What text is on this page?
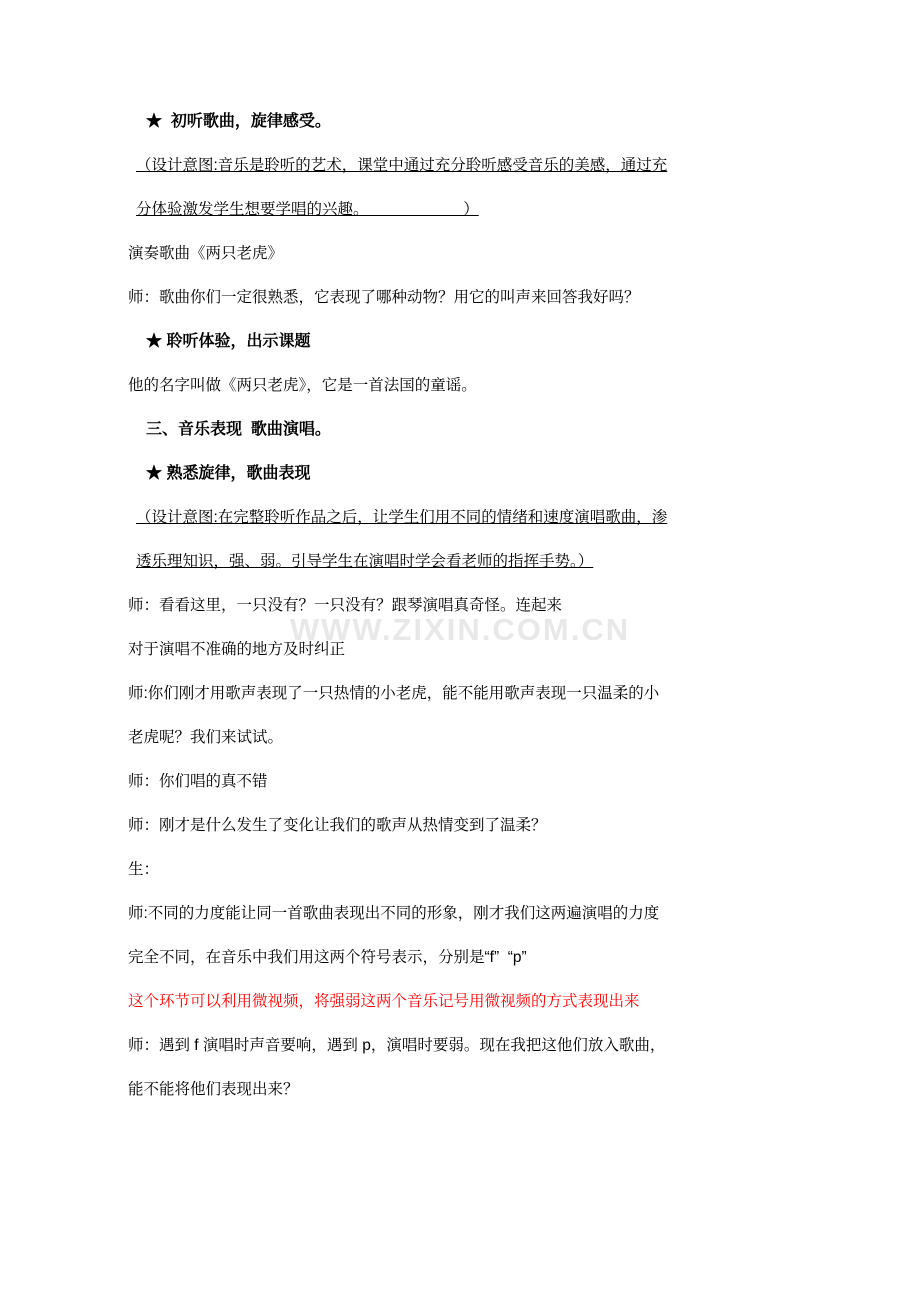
WWW.ZIXIN.COM.CN

★  初听歌曲，旋律感受。

（设计意图:音乐是聆听的艺术，课堂中通过充分聆听感受音乐的美感，通过充

分体验激发学生想要学唱的兴趣。                      ）

演奏歌曲《两只老虎》

师：歌曲你们一定很熟悉，它表现了哪种动物？用它的叫声来回答我好吗？

★ 聆听体验，出示课题

他的名字叫做《两只老虎》，它是一首法国的童谣。

三、音乐表现  歌曲演唱。

★ 熟悉旋律，歌曲表现

（设计意图:在完整聆听作品之后，让学生们用不同的情绪和速度演唱歌曲，渗

透乐理知识，强、弱。引导学生在演唱时学会看老师的指挥手势。）

师：看看这里，一只没有？一只没有？跟琴演唱真奇怪。连起来

对于演唱不准确的地方及时纠正

师:你们刚才用歌声表现了一只热情的小老虎，能不能用歌声表现一只温柔的小

老虎呢？我们来试试。

师：你们唱的真不错

师：刚才是什么发生了变化让我们的歌声从热情变到了温柔？

生：

师:不同的力度能让同一首歌曲表现出不同的形象，刚才我们这两遍演唱的力度

完全不同，在音乐中我们用这两个符号表示，分别是“f”  “p”

这个环节可以利用微视频，将强弱这两个音乐记号用微视频的方式表现出来

师：遇到 f 演唱时声音要响，遇到 p，演唱时要弱。现在我把这他们放入歌曲，

能不能将他们表现出来？
